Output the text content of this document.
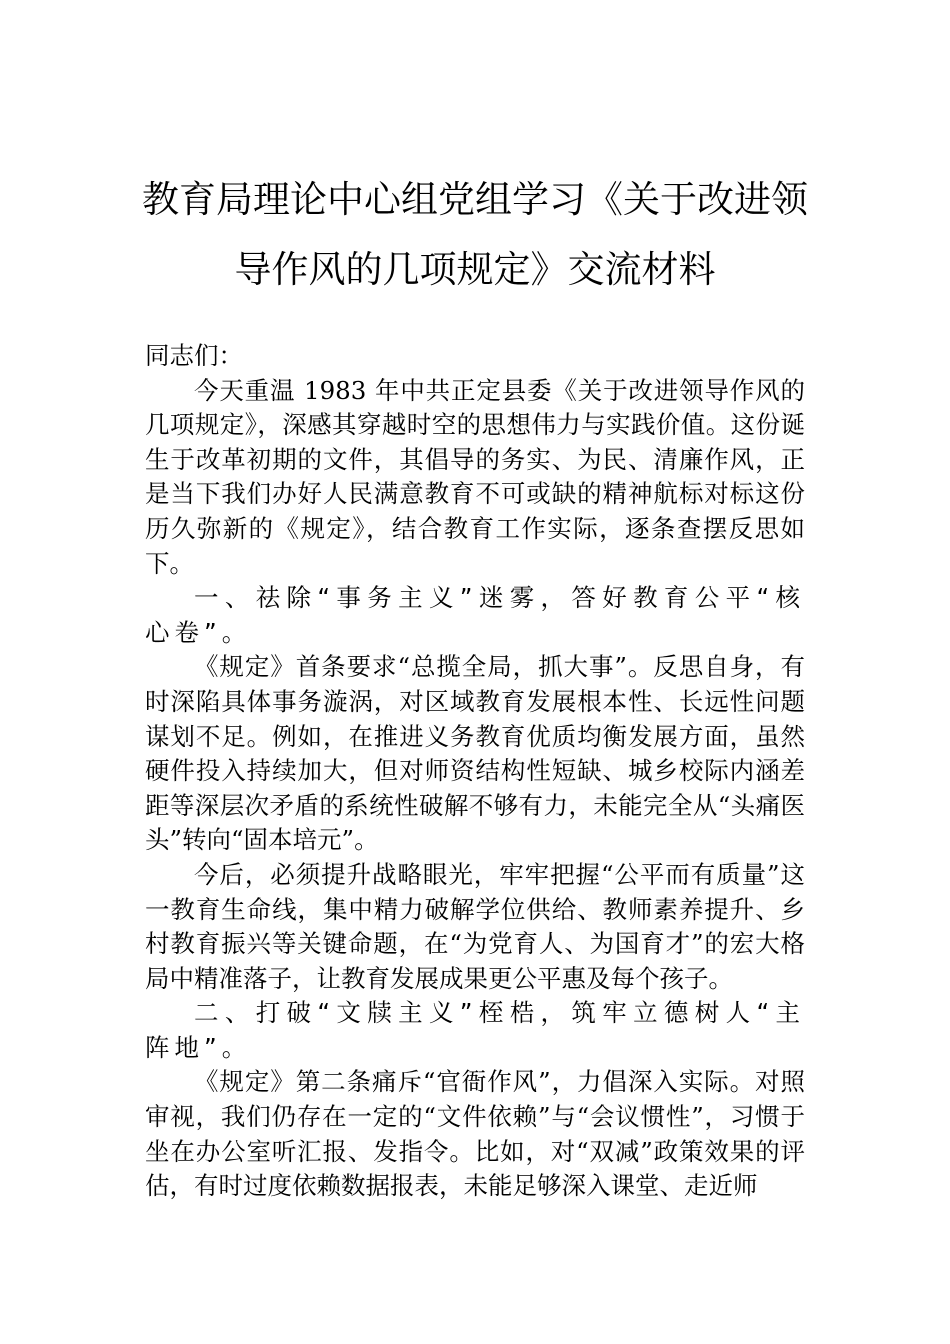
教育局理论中心组党组学习《关于改进领
导作风的几项规定》交流材料

同志们：

今天重温 1983 年中共正定县委《关于改进领导作风的几项规定》，深感其穿越时空的思想伟力与实践价值。这份诞生于改革初期的文件，其倡导的务实、为民、清廉作风，正是当下我们办好人民满意教育不可或缺的精神航标对标这份历久弥新的《规定》，结合教育工作实际，逐条查摆反思如下。

一、祛除“事务主义”迷雾，答好教育公平“核心卷”。

《规定》首条要求“总揽全局，抓大事”。反思自身，有时深陷具体事务漩涡，对区域教育发展根本性、长远性问题谋划不足。例如，在推进义务教育优质均衡发展方面，虽然硬件投入持续加大，但对师资结构性短缺、城乡校际内涵差距等深层次矛盾的系统性破解不够有力，未能完全从“头痛医头”转向“固本培元”。

今后，必须提升战略眼光，牢牢把握“公平而有质量”这一教育生命线，集中精力破解学位供给、教师素养提升、乡村教育振兴等关键命题，在“为党育人、为国育才”的宏大格局中精准落子，让教育发展成果更公平惠及每个孩子。

二、打破“文牍主义”桎梏，筑牢立德树人“主阵地”。

《规定》第二条痛斥“官衙作风”，力倡深入实际。对照审视，我们仍存在一定的“文件依赖”与“会议惯性”，习惯于坐在办公室听汇报、发指令。比如，对“双减”政策效果的评估，有时过度依赖数据报表，未能足够深入课堂、走近师
